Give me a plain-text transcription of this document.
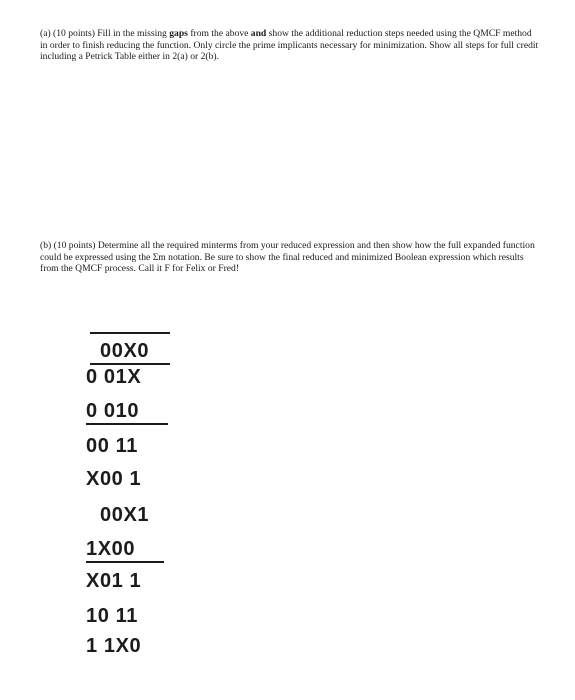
(a) (10 points) Fill in the missing gaps from the above and show the additional reduction steps needed using the QMCF method in order to finish reducing the function. Only circle the prime implicants necessary for minimization. Show all steps for full credit including a Petrick Table either in 2(a) or 2(b).

(b) (10 points) Determine all the required minterms from your reduced expression and then show how the full expanded function could be expressed using the Σm notation. Be sure to show the final reduced and minimized Boolean expression which results from the QMCF process. Call it F for Felix or Fred!

00X0
0 01X
0 010
00 11
X00 1
00X1
1X00
X01 1
10 11
1 1X0
